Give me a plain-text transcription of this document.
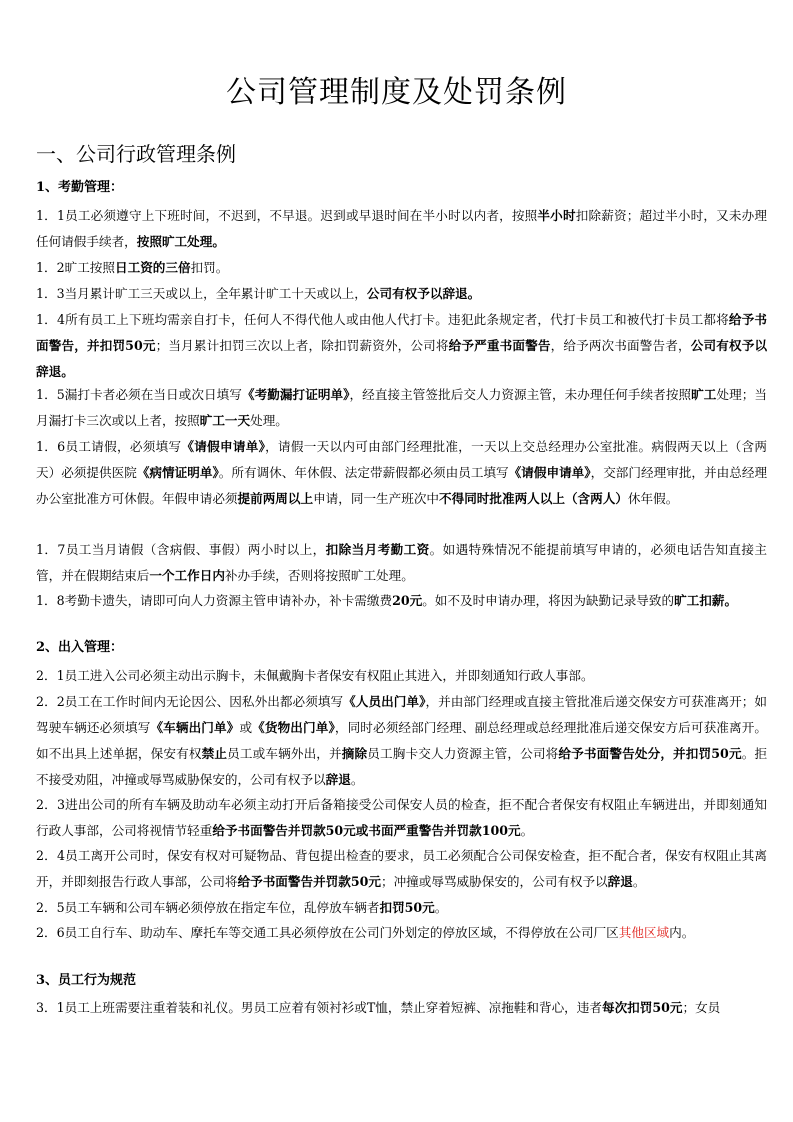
公司管理制度及处罚条例
一、公司行政管理条例
1、考勤管理：
1．1员工必须遵守上下班时间，不迟到，不早退。迟到或早退时间在半小时以内者，按照半小时扣除薪资；超过半小时，又未办理任何请假手续者，按照旷工处理。
1．2旷工按照日工资的三倍扣罚。
1．3当月累计旷工三天或以上，全年累计旷工十天或以上，公司有权予以辞退。
1．4所有员工上下班均需亲自打卡，任何人不得代他人或由他人代打卡。违犯此条规定者，代打卡员工和被代打卡员工都将给予书面警告，并扣罚50元；当月累计扣罚三次以上者，除扣罚薪资外，公司将给予严重书面警告，给予两次书面警告者，公司有权予以辞退。
1．5漏打卡者必须在当日或次日填写《考勤漏打证明单》，经直接主管签批后交人力资源主管，未办理任何手续者按照旷工处理；当月漏打卡三次或以上者，按照旷工一天处理。
1．6员工请假，必须填写《请假申请单》，请假一天以内可由部门经理批准，一天以上交总经理办公室批准。病假两天以上（含两天）必须提供医院《病情证明单》。所有调休、年休假、法定带薪假都必须由员工填写《请假申请单》，交部门经理审批，并由总经理办公室批准方可休假。年假申请必须提前两周以上申请，同一生产班次中不得同时批准两人以上（含两人）休年假。
1．7员工当月请假（含病假、事假）两小时以上，扣除当月考勤工资。如遇特殊情况不能提前填写申请的，必须电话告知直接主管，并在假期结束后一个工作日内补办手续，否则将按照旷工处理。
1．8考勤卡遗失，请即可向人力资源主管申请补办，补卡需缴费20元。如不及时申请办理，将因为缺勤记录导致的旷工扣薪。
2、出入管理：
2．1员工进入公司必须主动出示胸卡，未佩戴胸卡者保安有权阻止其进入，并即刻通知行政人事部。
2．2员工在工作时间内无论因公、因私外出都必须填写《人员出门单》，并由部门经理或直接主管批准后递交保安方可获准离开；如驾驶车辆还必须填写《车辆出门单》或《货物出门单》，同时必须经部门经理、副总经理或总经理批准后递交保安方后可获准离开。如不出具上述单据，保安有权禁止员工或车辆外出，并摘除员工胸卡交人力资源主管，公司将给予书面警告处分，并扣罚50元。拒不接受劝阻，冲撞或辱骂威胁保安的，公司有权予以辞退。
2．3进出公司的所有车辆及助动车必须主动打开后备箱接受公司保安人员的检查，拒不配合者保安有权阻止车辆进出，并即刻通知行政人事部，公司将视情节轻重给予书面警告并罚款50元或书面严重警告并罚款100元。
2．4员工离开公司时，保安有权对可疑物品、背包提出检查的要求，员工必须配合公司保安检查，拒不配合者，保安有权阻止其离开，并即刻报告行政人事部，公司将给予书面警告并罚款50元；冲撞或辱骂威胁保安的，公司有权予以辞退。
2．5员工车辆和公司车辆必须停放在指定车位，乱停放车辆者扣罚50元。
2．6员工自行车、助动车、摩托车等交通工具必须停放在公司门外划定的停放区域，不得停放在公司厂区其他区域内。
3、员工行为规范
3．1员工上班需要注重着装和礼仪。男员工应着有领衬衫或T恤，禁止穿着短裤、凉拖鞋和背心，违者每次扣罚50元；女员
